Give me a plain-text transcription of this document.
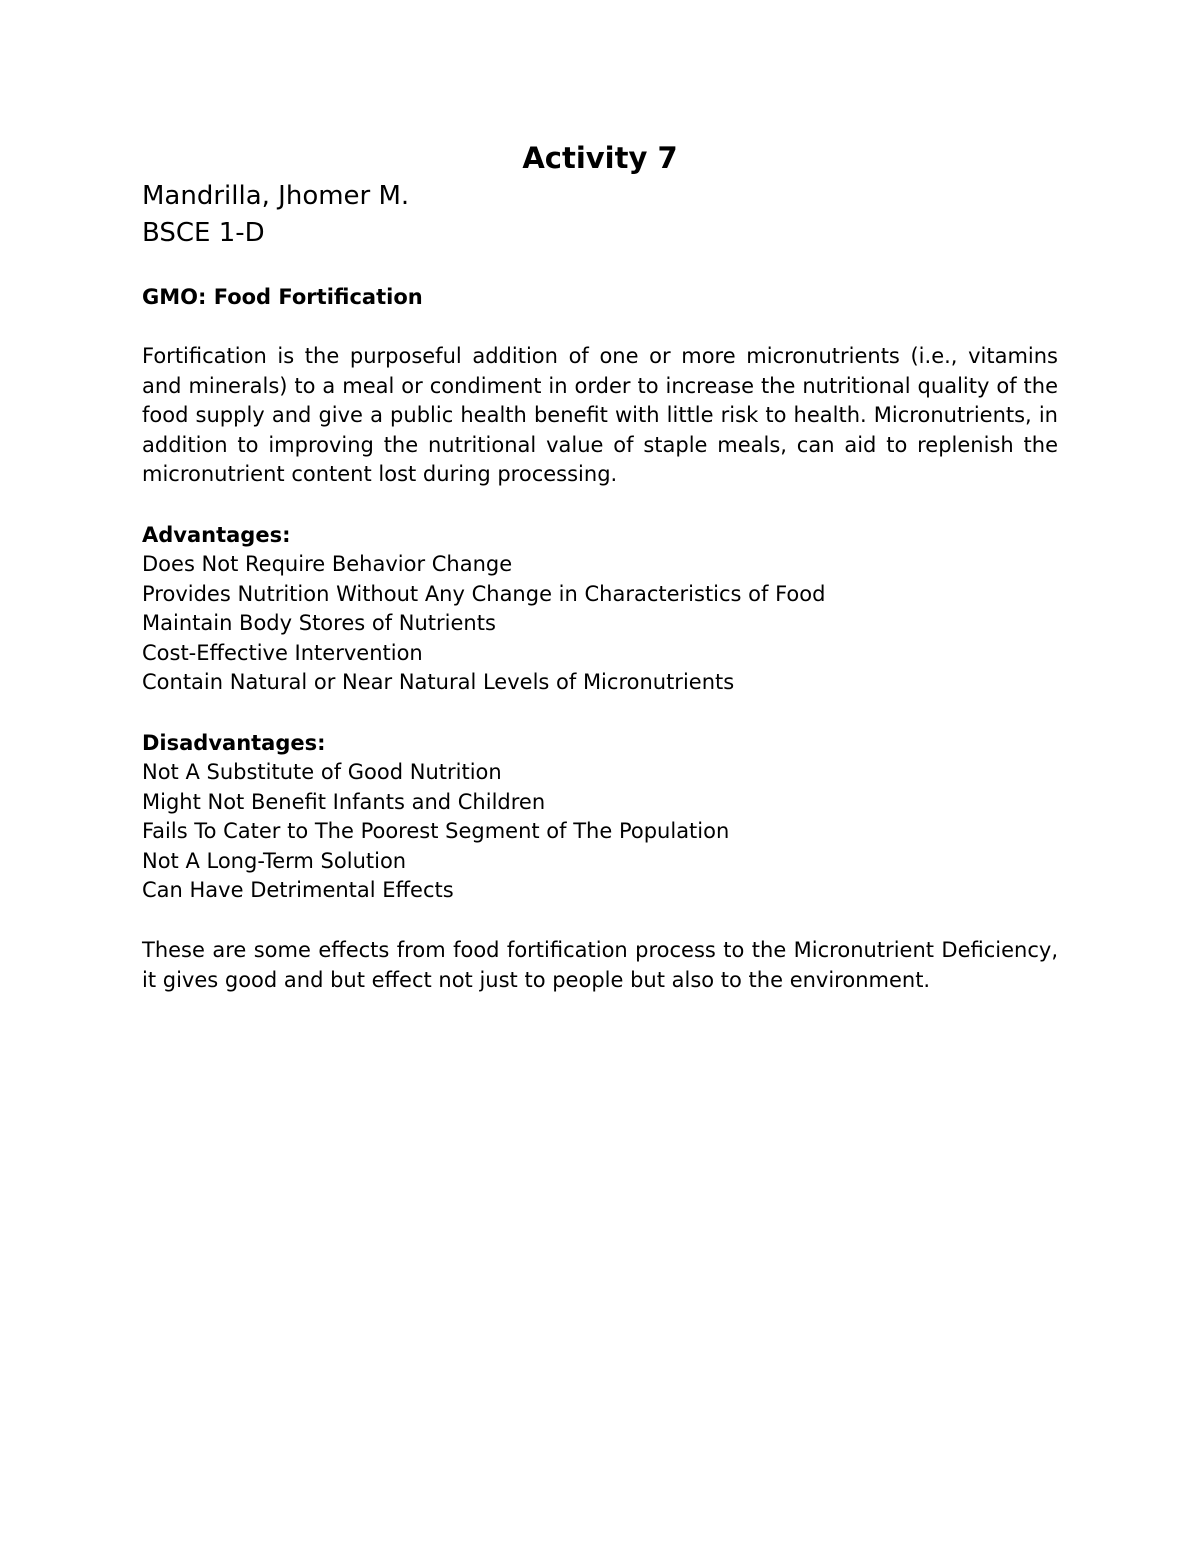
Activity 7

Mandrilla, Jhomer M.

BSCE 1-D

GMO: Food Fortification

Fortification is the purposeful addition of one or more micronutrients (i.e., vitamins and minerals) to a meal or condiment in order to increase the nutritional quality of the food supply and give a public health benefit with little risk to health. Micronutrients, in addition to improving the nutritional value of staple meals, can aid to replenish the micronutrient content lost during processing.

Advantages:

Does Not Require Behavior Change
Provides Nutrition Without Any Change in Characteristics of Food
Maintain Body Stores of Nutrients
Cost-Effective Intervention
Contain Natural or Near Natural Levels of Micronutrients

Disadvantages:

Not A Substitute of Good Nutrition
Might Not Benefit Infants and Children
Fails To Cater to The Poorest Segment of The Population
Not A Long-Term Solution
Can Have Detrimental Effects

These are some effects from food fortification process to the Micronutrient Deficiency, it gives good and but effect not just to people but also to the environment.
